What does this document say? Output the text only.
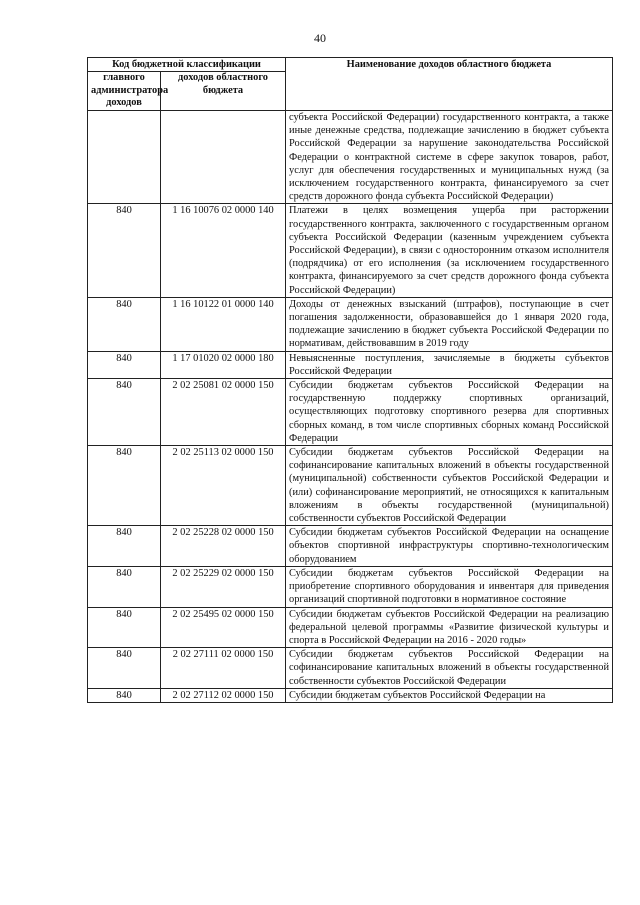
40
Код бюджетной классификации		Наименование доходов областного бюджета
главного администратора доходов	доходов областного бюджета	
		субъекта Российской Федерации) государственного контракта, а также иные денежные средства, подлежащие зачислению в бюджет субъекта Российской Федерации за нарушение законодательства Российской Федерации о контрактной системе в сфере закупок товаров, работ, услуг для обеспечения государственных и муниципальных нужд (за исключением государственного контракта, финансируемого за счет средств дорожного фонда субъекта Российской Федерации)
840	1 16 10076 02 0000 140	Платежи в целях возмещения ущерба при расторжении государственного контракта, заключенного с государственным органом субъекта Российской Федерации (казенным учреждением субъекта Российской Федерации), в связи с односторонним отказом исполнителя (подрядчика) от его исполнения (за исключением государственного контракта, финансируемого за счет средств дорожного фонда субъекта Российской Федерации)
840	1 16 10122 01 0000 140	Доходы от денежных взысканий (штрафов), поступающие в счет погашения задолженности, образовавшейся до 1 января 2020 года, подлежащие зачислению в бюджет субъекта Российской Федерации по нормативам, действовавшим в 2019 году
840	1 17 01020 02 0000 180	Невыясненные поступления, зачисляемые в бюджеты субъектов Российской Федерации
840	2 02 25081 02 0000 150	Субсидии бюджетам субъектов Российской Федерации на государственную поддержку спортивных организаций, осуществляющих подготовку спортивного резерва для спортивных сборных команд, в том числе спортивных сборных команд Российской Федерации
840	2 02 25113 02 0000 150	Субсидии бюджетам субъектов Российской Федерации на софинансирование капитальных вложений в объекты государственной (муниципальной) собственности субъектов Российской Федерации и (или) софинансирование мероприятий, не относящихся к капитальным вложениям в объекты государственной (муниципальной) собственности субъектов Российской Федерации
840	2 02 25228 02 0000 150	Субсидии бюджетам субъектов Российской Федерации на оснащение объектов спортивной инфраструктуры спортивно-технологическим оборудованием
840	2 02 25229 02 0000 150	Субсидии бюджетам субъектов Российской Федерации на приобретение спортивного оборудования и инвентаря для приведения организаций спортивной подготовки в нормативное состояние
840	2 02 25495 02 0000 150	Субсидии бюджетам субъектов Российской Федерации на реализацию федеральной целевой программы «Развитие физической культуры и спорта в Российской Федерации на 2016 - 2020 годы»
840	2 02 27111 02 0000 150	Субсидии бюджетам субъектов Российской Федерации на софинансирование капитальных вложений в объекты государственной собственности субъектов Российской Федерации
840	2 02 27112 02 0000 150	Субсидии бюджетам субъектов Российской Федерации на
